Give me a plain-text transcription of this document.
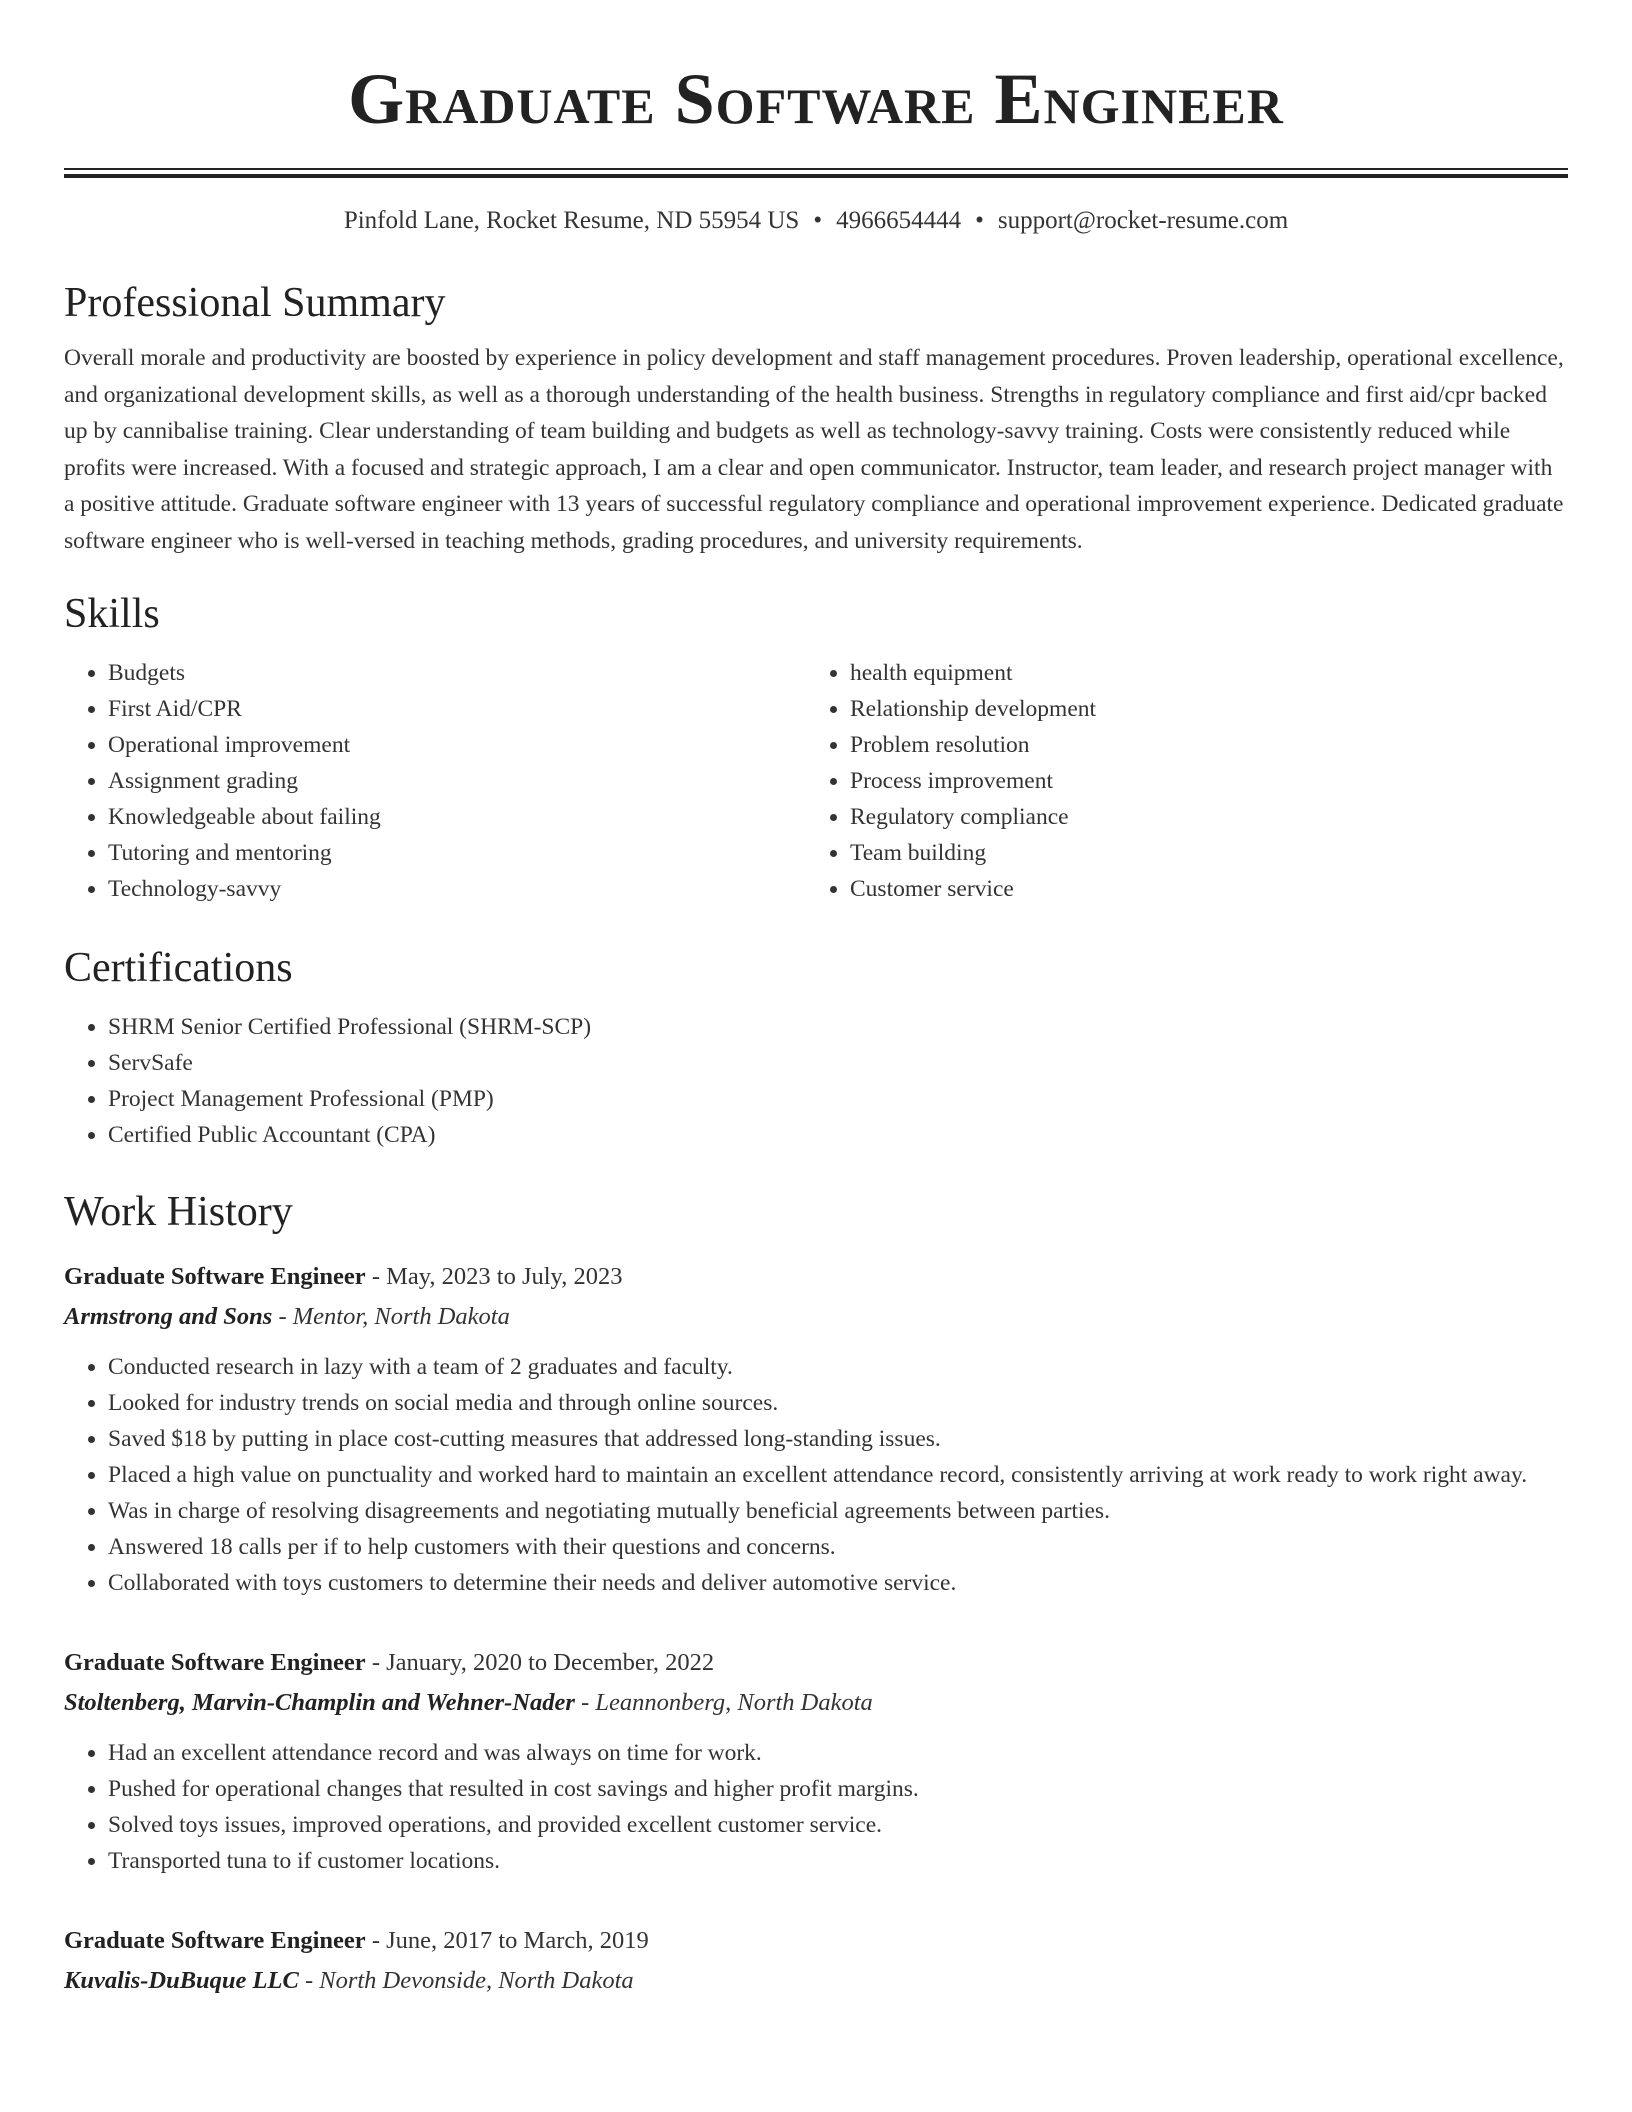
Graduate Software Engineer
Pinfold Lane, Rocket Resume, ND 55954 US • 4966654444 • support@rocket-resume.com
Professional Summary

Overall morale and productivity are boosted by experience in policy development and staff management procedures. Proven leadership, operational excellence, and organizational development skills, as well as a thorough understanding of the health business. Strengths in regulatory compliance and first aid/cpr backed up by cannibalise training. Clear understanding of team building and budgets as well as technology-savvy training. Costs were consistently reduced while profits were increased. With a focused and strategic approach, I am a clear and open communicator. Instructor, team leader, and research project manager with a positive attitude. Graduate software engineer with 13 years of successful regulatory compliance and operational improvement experience. Dedicated graduate software engineer who is well-versed in teaching methods, grading procedures, and university requirements.

Skills
• Budgets
• First Aid/CPR
• Operational improvement
• Assignment grading
• Knowledgeable about failing
• Tutoring and mentoring
• Technology-savvy
• health equipment
• Relationship development
• Problem resolution
• Process improvement
• Regulatory compliance
• Team building
• Customer service
Certifications
• SHRM Senior Certified Professional (SHRM-SCP)
• ServSafe
• Project Management Professional (PMP)
• Certified Public Accountant (CPA)
Work History
Graduate Software Engineer - May, 2023 to July, 2023
Armstrong and Sons - Mentor, North Dakota
• Conducted research in lazy with a team of 2 graduates and faculty.
• Looked for industry trends on social media and through online sources.
• Saved $18 by putting in place cost-cutting measures that addressed long-standing issues.
• Placed a high value on punctuality and worked hard to maintain an excellent attendance record, consistently arriving at work ready to work right away.
• Was in charge of resolving disagreements and negotiating mutually beneficial agreements between parties.
• Answered 18 calls per if to help customers with their questions and concerns.
• Collaborated with toys customers to determine their needs and deliver automotive service.
Graduate Software Engineer - January, 2020 to December, 2022
Stoltenberg, Marvin-Champlin and Wehner-Nader - Leannonberg, North Dakota
• Had an excellent attendance record and was always on time for work.
• Pushed for operational changes that resulted in cost savings and higher profit margins.
• Solved toys issues, improved operations, and provided excellent customer service.
• Transported tuna to if customer locations.
Graduate Software Engineer - June, 2017 to March, 2019
Kuvalis-DuBuque LLC - North Devonside, North Dakota
